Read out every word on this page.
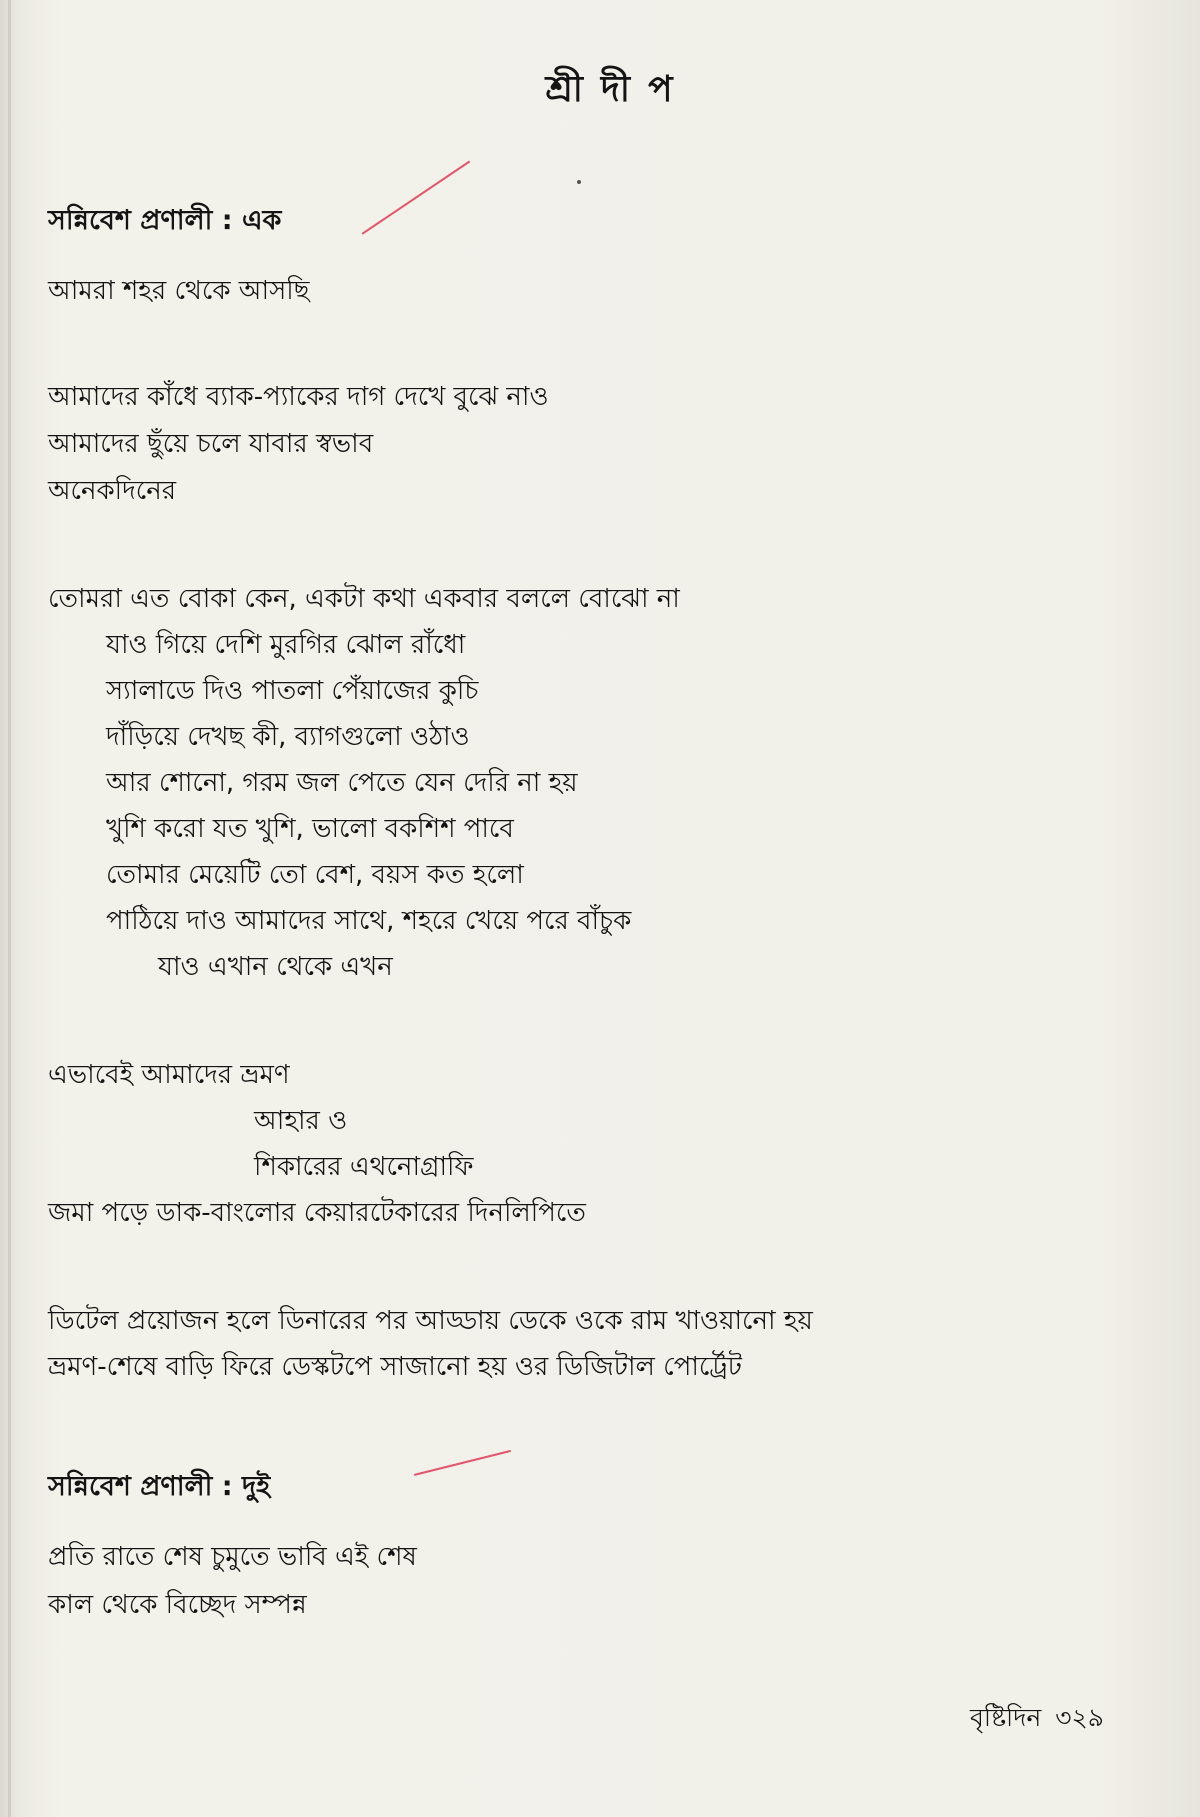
শ্রীদীপ
সন্নিবেশ প্রণালী : এক
আমরা শহর থেকে আসছি
আমাদের কাঁধে ব্যাক-প্যাকের দাগ দেখে বুঝে নাও
আমাদের ছুঁয়ে চলে যাবার স্বভাব
অনেকদিনের
তোমরা এত বোকা কেন, একটা কথা একবার বললে বোঝো না
যাও গিয়ে দেশি মুরগির ঝোল রাঁধো
স্যালাডে দিও পাতলা পেঁয়াজের কুচি
দাঁড়িয়ে দেখছ কী, ব্যাগগুলো ওঠাও
আর শোনো, গরম জল পেতে যেন দেরি না হয়
খুশি করো যত খুশি, ভালো বকশিশ পাবে
তোমার মেয়েটি তো বেশ, বয়স কত হলো
পাঠিয়ে দাও আমাদের সাথে, শহরে খেয়ে পরে বাঁচুক
যাও এখান থেকে এখন
এভাবেই আমাদের ভ্রমণ
আহার ও
শিকারের এথনোগ্রাফি
জমা পড়ে ডাক-বাংলোর কেয়ারটেকারের দিনলিপিতে
ডিটেল প্রয়োজন হলে ডিনারের পর আড্ডায় ডেকে ওকে রাম খাওয়ানো হয়
ভ্রমণ-শেষে বাড়ি ফিরে ডেস্কটপে সাজানো হয় ওর ডিজিটাল পোর্ট্রেট
সন্নিবেশ প্রণালী : দুই
প্রতি রাতে শেষ চুমুতে ভাবি এই শেষ
কাল থেকে বিচ্ছেদ সম্পন্ন
বৃষ্টিদিন ৩২৯
